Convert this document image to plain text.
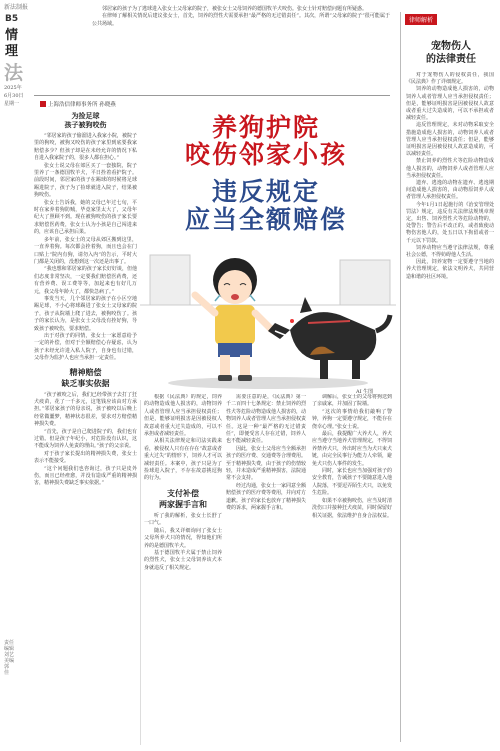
新法制报
B5
情理
法
2025年
6月30日
星期一

邻居家的孩子为了逃球进入张女士父母家的院子，被张女士父母饲养的德国牧羊犬咬伤。张女士针对赔偿问题有所疑惑。

在律师了解相关情况后建议张女士，首先，饲养的烈性犬需要承担“最严格的无过错责任”。其次，所谓“父母家的院子”很可能属于公共场域。

上海浩信律师事务所 孙晓燕
养狗护院
咬伤邻家小孩
违反规定
应当全额赔偿
AI 生图
为捡足球
孩子被狗咬伤

“邻居家的孩子偷溜进入我家小院，被院子里的狗咬，被狗又咬伤的孩子家里到底要我家赔偿多少？但孩子却是在未经允许的情况下私自进入我家院子的，很多人都在担心。”

张女士说父母在郊区买了一套独院，院子里养了一条德国牧羊犬，平日拴着看护院子。前段时间，邻居家的孩子在踢球的时候将足球踢进院子，孩子为了捡球就进入院子，结果被狗咬伤。

张女士告诉我，她的父母已年过七旬，平时在家养着狗防贼，毕竟家里太大了，父母年纪大了照顾不到。现在被狗咬伤的孩子家长要求赔偿医药费，张女士认为小孩是自己闯进来的，应该自己承担后果。

多年前，张女士的父母从郊区搬到这里，一直养着狗。每次都会拴着狗，而且也会在门口贴上“院内有狗，请勿入内”的告示，平时大门都是关闭的，没想到这一次还是出事了。

“我也想和邻居家的孩子家长好好谈，但他们态度非常坚决，一定要我们赔偿医药费，还有营养费、误工费等等，加起来也有好几万元，我父母年龄大了，都快急病了。”

事发当天，几个邻居家的孩子在小区空地踢足球，不小心将球踢进了张女士父母家的院子，孩子从院墙上爬了进去，被狗咬伤了。孩子的家长认为，是张女士父母没有拴好狗，导致孩子被咬伤，要求赔偿。

出于对孩子的同情，张女士一家愿意给予一定的补偿，但对于全额赔偿心存疑虑，认为孩子未经允许进入私人院子，自身也有过错，父母作为监护人也应当承担一定责任。

精神赔偿
缺乏事实依据

“孩子被咬之后，我们已经带孩子去打了狂犬疫苗，花了一千多元，这笔钱应该由对方承担。”邻居家孩子的母亲说，孩子被咬以后晚上经常做噩梦，精神状态很差，要求对方赔偿精神损失费。

“首先，孩子是自己爬进院子的，我们也有过错。但是孩子年纪小，对危险没有认识，这不能成为饲养人免责的理由。”孩子的父亲说。

对于孩子家长提出的精神损失费，张女士表示不能接受。

“这个问题我们也咨询过，孩子只是皮外伤，而且已经痊愈，并没有造成严重的精神损害，精神损失费缺乏事实依据。”

根据《民法典》的规定，饲养的动物造成他人损害的，动物饲养人或者管理人应当承担侵权责任；但是，能够证明损害是因被侵权人故意或者重大过失造成的，可以不承担或者减轻责任。

从相关法律规定和司法实践来看，被侵权人只有在存在“故意或者重大过失”的情形下，饲养人才可以减轻责任。本案中，孩子只是为了捡球进入院子，不存在故意挑逗狗的行为。

支付补偿
两家握手言和

听了我的解析，张女士长舒了一口气。

随后，我又详细询问了张女士父母所养犬只的情况，得知他们所养的是德国牧羊犬。

基于德国牧羊犬属于禁止饲养的烈性犬，张女士父母饲养该犬本身就违反了相关规定。

需要注意的是，《民法典》第一千二百四十七条规定：禁止饲养的烈性犬等危险动物造成他人损害的，动物饲养人或者管理人应当承担侵权责任。这是一种“最严格的无过错责任”，即便受害人存在过错，饲养人也不能减轻责任。

因此，张女士父母应当全额承担孩子的医疗费、交通费等合理费用。至于精神损失费，由于孩子的伤情较轻，并未造成严重精神损害，法院通常不会支持。

经过沟通，张女士一家同意全额赔偿孩子的医疗费等费用，并向对方道歉。孩子的家长也放弃了精神损失费的诉求，两家握手言和。

调解后，张女士的父母将狗送到了亲戚家，并加固了院墙。

“这次的事情给我们敲响了警钟，养狗一定要遵守规定，不能存在侥幸心理。”张女士说。

最后，我提醒广大养犬人，养犬应当遵守当地养犬管理规定，不得饲养禁养犬只，外出时应当为犬只束犬链，由完全民事行为能力人牵领，避免犬只伤人事件的发生。

同时，家长也应当加强对孩子的安全教育，告诫孩子不要随意进入他人院落，不要逗弄陌生犬只，以免发生危险。

如果不幸被狗咬伤，应当及时清洗伤口并接种狂犬疫苗，同时保留好相关证据，依法维护自身合法权益。

律师解析
宠物伤人
的法律责任

对于宠物伤人的侵权责任，我国《民法典》作了详细规定。

饲养的动物造成他人损害的，动物饲养人或者管理人应当承担侵权责任；但是，能够证明损害是因被侵权人故意或者重大过失造成的，可以不承担或者减轻责任。

违反管理规定，未对动物采取安全措施造成他人损害的，动物饲养人或者管理人应当承担侵权责任；但是，能够证明损害是因被侵权人故意造成的，可以减轻责任。

禁止饲养的烈性犬等危险动物造成他人损害的，动物饲养人或者管理人应当承担侵权责任。

遗弃、逃逸的动物在遗弃、逃逸期间造成他人损害的，由动物原饲养人或者管理人承担侵权责任。

今年1月1日起施行的《治安管理处罚法》规定，违反有关法律法规规章规定，出售、饲养烈性犬等危险动物的，处警告；警告后不改正的，或者致使动物伤害他人的，处五日以下拘留或者一千元以下罚款。

饲养动物应当遵守法律法规，尊重社会公德，不得妨碍他人生活。

因此，饲养宠物一定要遵守当地的养犬管理规定，依法文明养犬，共同营造和谐的社区环境。

责任编辑 刘艺 美编 郭 佳
